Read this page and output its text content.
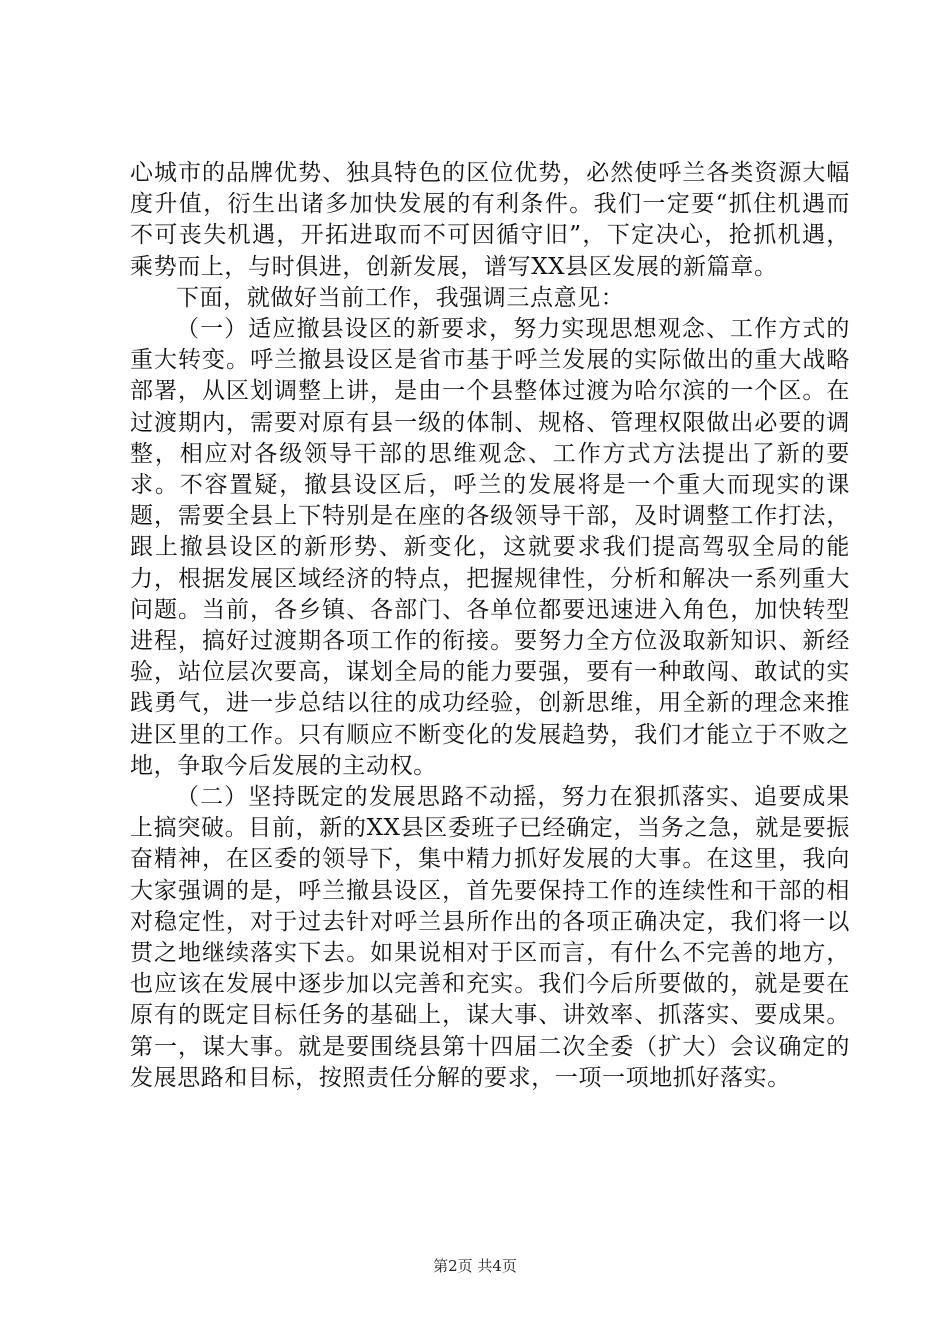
心城市的品牌优势、独具特色的区位优势，必然使呼兰各类资源大幅度升值，衍生出诸多加快发展的有利条件。我们一定要“抓住机遇而不可丧失机遇，开拓进取而不可因循守旧”，下定决心，抢抓机遇，乘势而上，与时俱进，创新发展，谱写XX县区发展的新篇章。

下面，就做好当前工作，我强调三点意见：

（一）适应撤县设区的新要求，努力实现思想观念、工作方式的重大转变。呼兰撤县设区是省市基于呼兰发展的实际做出的重大战略部署，从区划调整上讲，是由一个县整体过渡为哈尔滨的一个区。在过渡期内，需要对原有县一级的体制、规格、管理权限做出必要的调整，相应对各级领导干部的思维观念、工作方式方法提出了新的要求。不容置疑，撤县设区后，呼兰的发展将是一个重大而现实的课题，需要全县上下特别是在座的各级领导干部，及时调整工作打法，跟上撤县设区的新形势、新变化，这就要求我们提高驾驭全局的能力，根据发展区域经济的特点，把握规律性，分析和解决一系列重大问题。当前，各乡镇、各部门、各单位都要迅速进入角色，加快转型进程，搞好过渡期各项工作的衔接。要努力全方位汲取新知识、新经验，站位层次要高，谋划全局的能力要强，要有一种敢闯、敢试的实践勇气，进一步总结以往的成功经验，创新思维，用全新的理念来推进区里的工作。只有顺应不断变化的发展趋势，我们才能立于不败之地，争取今后发展的主动权。

（二）坚持既定的发展思路不动摇，努力在狠抓落实、追要成果上搞突破。目前，新的XX县区委班子已经确定，当务之急，就是要振奋精神，在区委的领导下，集中精力抓好发展的大事。在这里，我向大家强调的是，呼兰撤县设区，首先要保持工作的连续性和干部的相对稳定性，对于过去针对呼兰县所作出的各项正确决定，我们将一以贯之地继续落实下去。如果说相对于区而言，有什么不完善的地方，也应该在发展中逐步加以完善和充实。我们今后所要做的，就是要在原有的既定目标任务的基础上，谋大事、讲效率、抓落实、要成果。第一，谋大事。就是要围绕县第十四届二次全委（扩大）会议确定的发展思路和目标，按照责任分解的要求，一项一项地抓好落实。

第2页 共4页
